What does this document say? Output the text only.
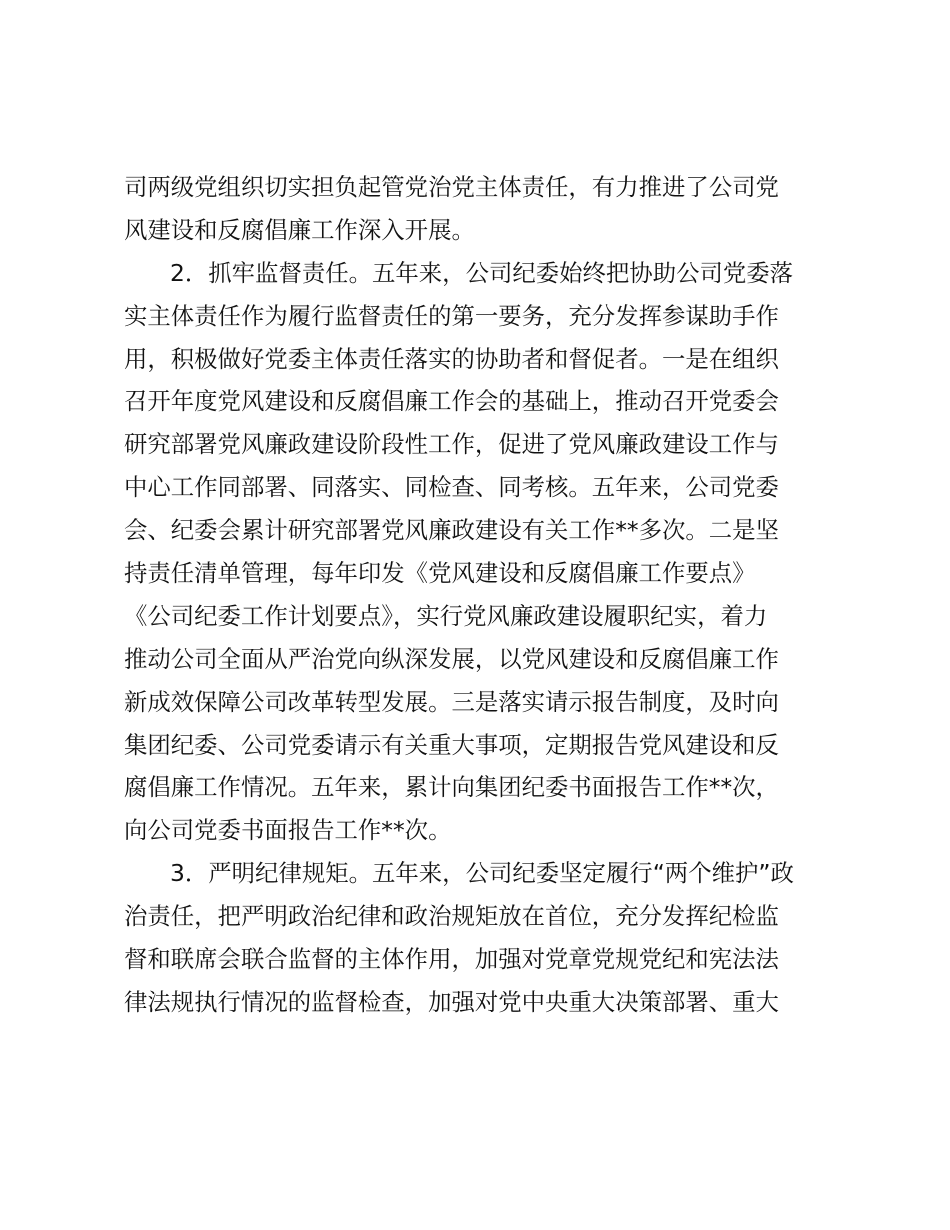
司两级党组织切实担负起管党治党主体责任，有力推进了公司党
风建设和反腐倡廉工作深入开展。
2．抓牢监督责任。五年来，公司纪委始终把协助公司党委落
实主体责任作为履行监督责任的第一要务，充分发挥参谋助手作
用，积极做好党委主体责任落实的协助者和督促者。一是在组织
召开年度党风建设和反腐倡廉工作会的基础上，推动召开党委会
研究部署党风廉政建设阶段性工作，促进了党风廉政建设工作与
中心工作同部署、同落实、同检查、同考核。五年来，公司党委
会、纪委会累计研究部署党风廉政建设有关工作**多次。二是坚
持责任清单管理，每年印发《党风建设和反腐倡廉工作要点》
《公司纪委工作计划要点》，实行党风廉政建设履职纪实，着力
推动公司全面从严治党向纵深发展，以党风建设和反腐倡廉工作
新成效保障公司改革转型发展。三是落实请示报告制度，及时向
集团纪委、公司党委请示有关重大事项，定期报告党风建设和反
腐倡廉工作情况。五年来，累计向集团纪委书面报告工作**次，
向公司党委书面报告工作**次。
3．严明纪律规矩。五年来，公司纪委坚定履行“两个维护”政
治责任，把严明政治纪律和政治规矩放在首位，充分发挥纪检监
督和联席会联合监督的主体作用，加强对党章党规党纪和宪法法
律法规执行情况的监督检查，加强对党中央重大决策部署、重大
